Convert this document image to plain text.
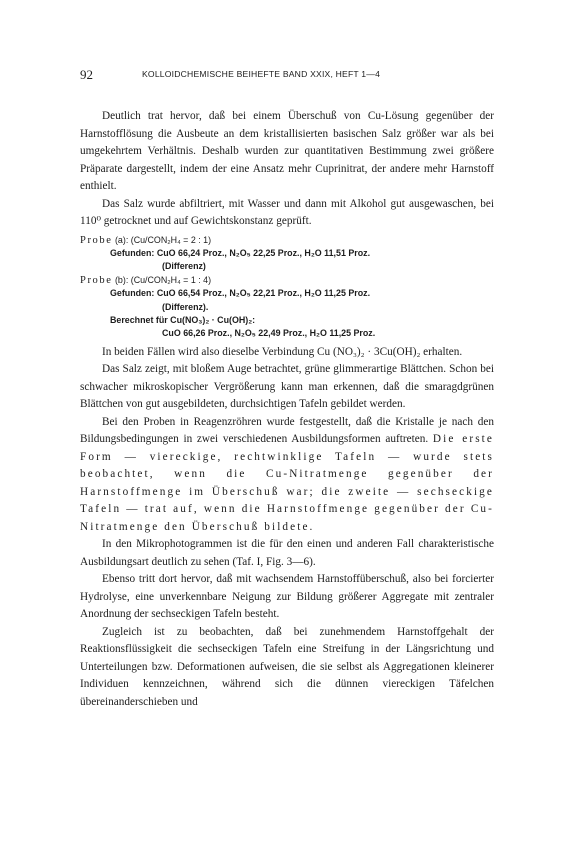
92	KOLLOIDCHEMISCHE BEIHEFTE BAND XXIX, HEFT 1—4

Deutlich trat hervor, daß bei einem Überschuß von Cu-Lösung gegenüber der Harnstofflösung die Ausbeute an dem kristallisierten basischen Salz größer war als bei umgekehrtem Verhältnis. Deshalb wurden zur quantitativen Bestimmung zwei größere Präparate dargestellt, indem der eine Ansatz mehr Cuprinitrat, der andere mehr Harnstoff enthielt.

Das Salz wurde abfiltriert, mit Wasser und dann mit Alkohol gut ausgewaschen, bei 110⁰ getrocknet und auf Gewichtskonstanz geprüft.

Probe (a): (Cu/CON₂H₄ = 2 : 1)
Gefunden: CuO 66,24 Proz., N₂O₅ 22,25 Proz., H₂O 11,51 Proz.
(Differenz)
Probe (b): (Cu/CON₂H₄ = 1 : 4)
Gefunden: CuO 66,54 Proz., N₂O₅ 22,21 Proz., H₂O 11,25 Proz.
(Differenz).
Berechnet für Cu(NO₃)₂ · Cu(OH)₂:
CuO 66,26 Proz., N₂O₅ 22,49 Proz., H₂O 11,25 Proz.

In beiden Fällen wird also dieselbe Verbindung Cu (NO₃)₂ · 3Cu(OH)₂ erhalten.

Das Salz zeigt, mit bloßem Auge betrachtet, grüne glimmerartige Blättchen. Schon bei schwacher mikroskopischer Vergrößerung kann man erkennen, daß die smaragdgrünen Blättchen von gut ausgebildeten, durchsichtigen Tafeln gebildet werden.

Bei den Proben in Reagenzröhren wurde festgestellt, daß die Kristalle je nach den Bildungsbedingungen in zwei verschiedenen Ausbildungsformen auftreten. Die erste Form — viereckige, rechtwinklige Tafeln — wurde stets beobachtet, wenn die Cu-Nitratmenge gegenüber der Harnstoffmenge im Überschuß war; die zweite — sechseckige Tafeln — trat auf, wenn die Harnstoffmenge gegenüber der Cu-Nitratmenge den Überschuß bildete.

In den Mikrophotogrammen ist die für den einen und anderen Fall charakteristische Ausbildungsart deutlich zu sehen (Taf. I, Fig. 3—6).

Ebenso tritt dort hervor, daß mit wachsendem Harnstoffüberschuß, also bei forcierter Hydrolyse, eine unverkennbare Neigung zur Bildung größerer Aggregate mit zentraler Anordnung der sechseckigen Tafeln besteht.

Zugleich ist zu beobachten, daß bei zunehmendem Harnstoffgehalt der Reaktionsflüssigkeit die sechseckigen Tafeln eine Streifung in der Längsrichtung und Unterteilungen bzw. Deformationen aufweisen, die sie selbst als Aggregationen kleinerer Individuen kennzeichnen, während sich die dünnen viereckigen Täfelchen übereinanderschieben und
